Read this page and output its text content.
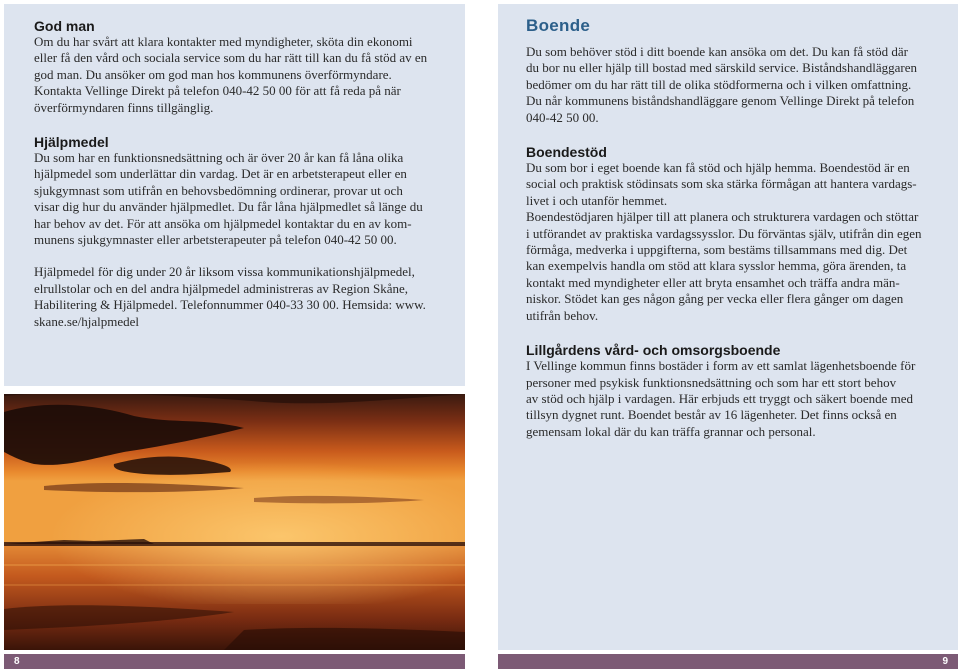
God man

Om du har svårt att klara kontakter med myndigheter, sköta din ekonomi

eller få den vård och sociala service som du har rätt till kan du få stöd av en

god man. Du ansöker om god man hos kommunens överförmyndare.

Kontakta Vellinge Direkt på telefon 040-42 50 00 för att få reda på när

överförmyndaren finns tillgänglig.

Hjälpmedel

Du som har en funktionsnedsättning och är över 20 år kan få låna olika

hjälpmedel som underlättar din vardag. Det är en arbetsterapeut eller en

sjukgymnast som utifrån en behovsbedömning ordinerar, provar ut och

visar dig hur du använder hjälpmedlet. Du får låna hjälpmedlet så länge du

har behov av det. För att ansöka om hjälpmedel kontaktar du en av kom-

munens sjukgymnaster eller arbetsterapeuter på telefon 040-42 50 00.

Hjälpmedel för dig under 20 år liksom vissa kommunikationshjälpmedel,

elrullstolar och en del andra hjälpmedel administreras av Region Skåne,

Habilitering & Hjälpmedel. Telefonnummer 040-33 30 00. Hemsida: www.

skane.se/hjalpmedel

Boende

Du som behöver stöd i ditt boende kan ansöka om det. Du kan få stöd där

du bor nu eller hjälp till bostad med särskild service. Biståndshandläggaren

bedömer om du har rätt till de olika stödformerna och i vilken omfattning.

Du når kommunens biståndshandläggare genom Vellinge Direkt på telefon

040-42 50 00.

Boendestöd

Du som bor i eget boende kan få stöd och hjälp hemma. Boendestöd är en

social och praktisk stödinsats som ska stärka förmågan att hantera vardags-

livet i och utanför hemmet.

Boendestödjaren hjälper till att planera och strukturera vardagen och stöttar

i utförandet av praktiska vardagssysslor. Du förväntas själv, utifrån din egen

förmåga, medverka i uppgifterna, som bestäms tillsammans med dig. Det

kan exempelvis handla om stöd att klara sysslor hemma, göra ärenden, ta

kontakt med myndigheter eller att bryta ensamhet och träffa andra män-

niskor. Stödet kan ges någon gång per vecka eller flera gånger om dagen

utifrån behov.

Lillgårdens vård- och omsorgsboende

I Vellinge kommun finns bostäder i form av ett samlat lägenhetsboende för

personer med psykisk funktionsnedsättning och som har ett stort behov

av stöd och hjälp i vardagen. Här erbjuds ett tryggt och säkert boende med

tillsyn dygnet runt. Boendet består av 16 lägenheter. Det finns också en

gemensam lokal där du kan träffa grannar och personal.

8	9
